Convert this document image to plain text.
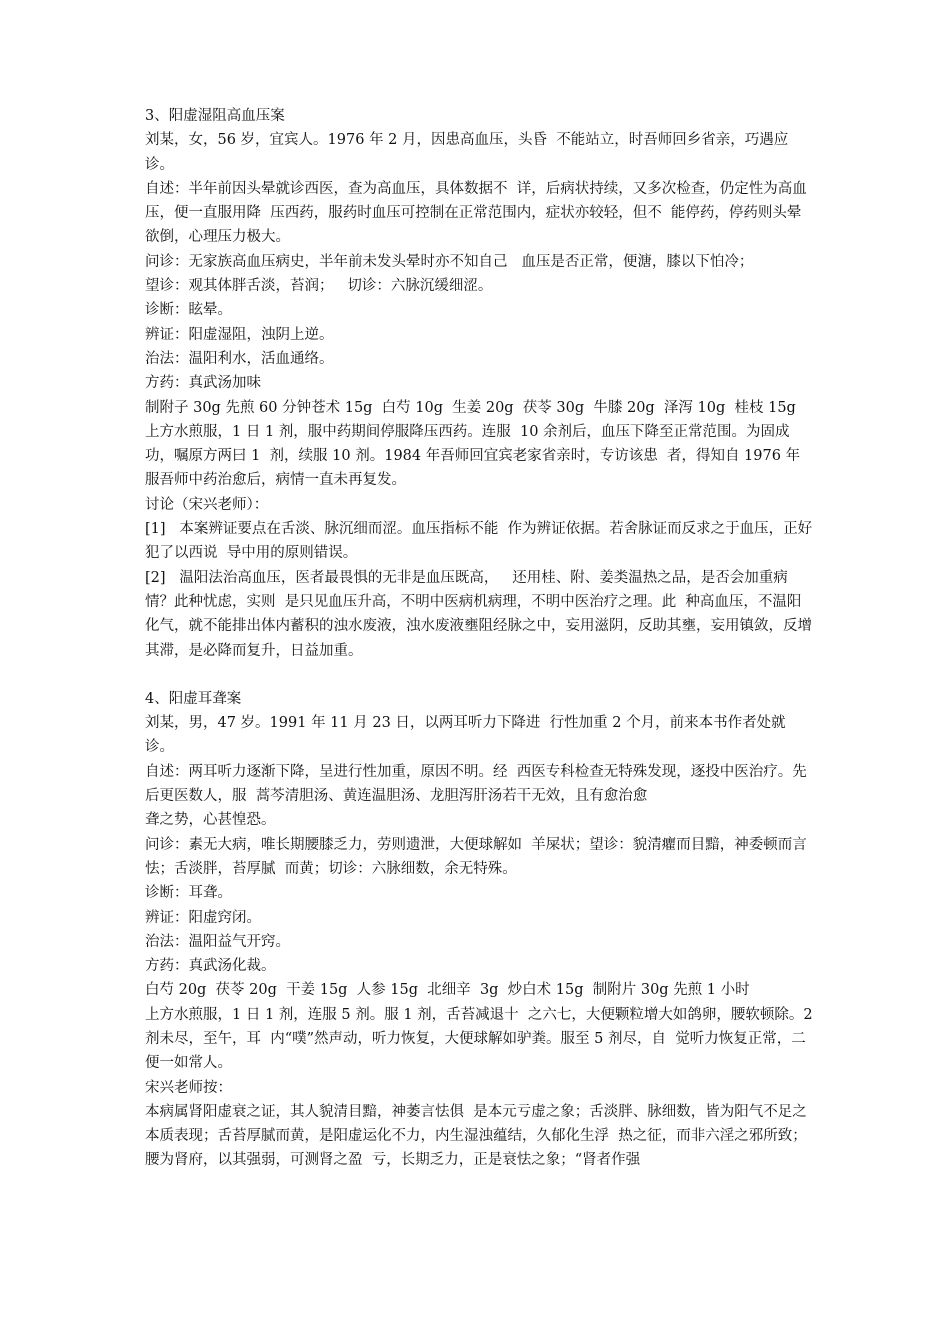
3、阳虚湿阻高血压案

刘某，女，56 岁，宜宾人。1976 年 2 月，因患高血压，头昏  不能站立，时吾师回乡省亲，巧遇应诊。

自述：半年前因头晕就诊西医，查为高血压，具体数据不  详，后病状持续，又多次检查，仍定性为高血压，便一直服用降  压西药，服药时血压可控制在正常范围内，症状亦较轻，但不  能停药，停药则头晕欲倒，心理压力极大。

问诊：无家族高血压病史，半年前未发头晕时亦不知自己   血压是否正常，便溏，膝以下怕冷；

望诊：观其体胖舌淡，苔润；   切诊：六脉沉缓细涩。

诊断：眩晕。

辨证：阳虚湿阻，浊阴上逆。

治法：温阳利水，活血通络。

方药：真武汤加味

制附子 30g 先煎 60 分钟苍术 15g  白芍 10g  生姜 20g  茯苓 30g  牛膝 20g  泽泻 10g  桂枝 15g

上方水煎服，1 日 1 剂，服中药期间停服降压西药。连服  10 余剂后，血压下降至正常范围。为固成功，嘱原方两曰 1  剂，续服 10 剂。1984 年吾师回宜宾老家省亲时，专访该患  者，得知自 1976 年服吾师中药治愈后，病情一直未再复发。

讨论（宋兴老师）：

[1]   本案辨证要点在舌淡、脉沉细而涩。血压指标不能  作为辨证依据。若舍脉证而反求之于血压，正好犯了以西说  导中用的原则错误。

[2]   温阳法治高血压，医者最畏惧的无非是血压既高，   还用桂、附、姜类温热之品，是否会加重病情？此种忧虑，实则  是只见血压升高，不明中医病机病理，不明中医治疗之理。此  种高血压，不温阳化气，就不能排出体内蓄积的浊水废液，浊水废液壅阻经脉之中，妄用滋阴，反助其壅，妄用镇敛，反增其滞，是必降而复升，日益加重。

4、阳虚耳聋案

刘某，男，47 岁。1991 年 11 月 23 日，以两耳听力下降进  行性加重 2 个月，前来本书作者处就诊。

自述：两耳听力逐渐下降，呈进行性加重，原因不明。经  西医专科检查无特殊发现，逐投中医治疗。先后更医数人，服  蒿芩清胆汤、黄连温胆汤、龙胆泻肝汤若干无效，且有愈治愈

聋之势，心甚惶恐。

问诊：素无大病，唯长期腰膝乏力，劳则遗泄，大便球解如  羊屎状；望诊：貌清癯而目黯，神委顿而言怯；舌淡胖，苔厚腻  而黄；切诊：六脉细数，余无特殊。

诊断：耳聋。

辨证：阳虚窍闭。

治法：温阳益气开窍。

方药：真武汤化裁。

白芍 20g  茯苓 20g  干姜 15g  人参 15g  北细辛  3g  炒白术 15g  制附片 30g 先煎 1 小时

上方水煎服，1 日 1 剂，连服 5 剂。服 1 剂，舌苔减退十  之六七，大便颗粒增大如鸽卵，腰软顿除。2 剂未尽，至午，耳  内“噗”然声动，听力恢复，大便球解如驴粪。服至 5 剂尽，自  觉听力恢复正常，二便一如常人。

宋兴老师按：

本病属肾阳虚衰之证，其人貌清目黯，神萎言怯俱  是本元亏虚之象；舌淡胖、脉细数，皆为阳气不足之本质表现；舌苔厚腻而黄，是阳虚运化不力，内生湿浊蕴结，久郁化生浮  热之征，而非六淫之邪所致；腰为肾府，以其强弱，可测肾之盈  亏，长期乏力，正是衰怯之象；“肾者作强
